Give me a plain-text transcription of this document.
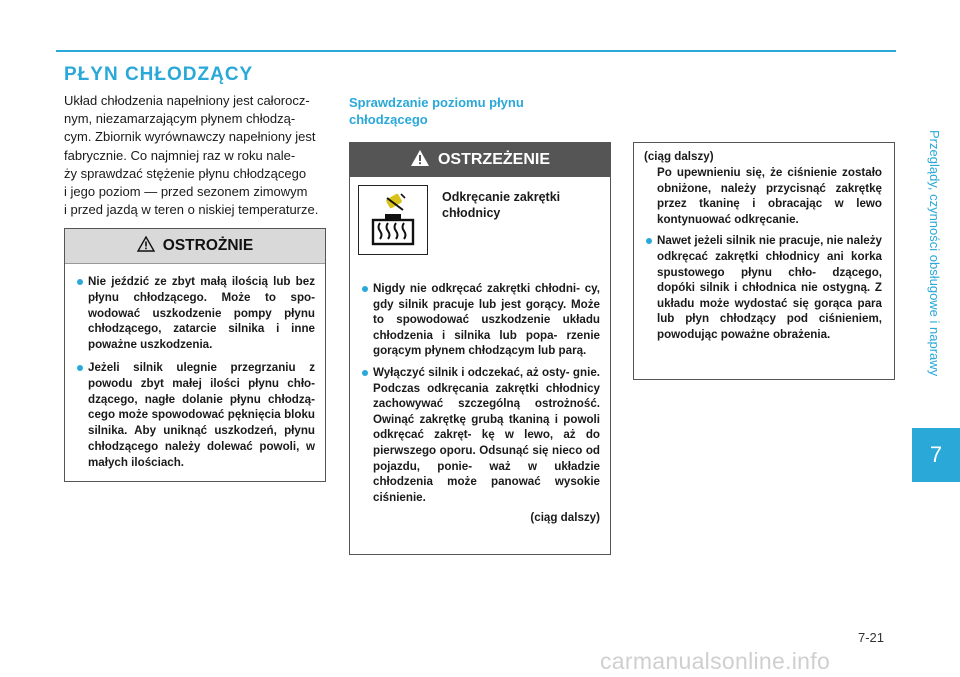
PŁYN CHŁODZĄCY

Układ chłodzenia napełniony jest całorocz-

nym, niezamarzającym płynem chłodzą-

cym. Zbiornik wyrównawczy napełniony jest

fabrycznie. Co najmniej raz w roku nale-

ży sprawdzać stężenie płynu chłodzącego

i jego poziom — przed sezonem zimowym

i przed jazdą w teren o niskiej temperaturze.

OSTROŻNIE
Nie jeździć ze zbyt małą ilością lub bez płynu chłodzącego. Może to spo- wodować uszkodzenie pompy płynu chłodzącego, zatarcie silnika i inne poważne uszkodzenia.
Jeżeli silnik ulegnie przegrzaniu z powodu zbyt małej ilości płynu chło- dzącego, nagłe dolanie płynu chłodzą- cego może spowodować pęknięcia bloku silnika. Aby uniknąć uszkodzeń, płynu chłodzącego należy dolewać powoli, w małych ilościach.
Sprawdzanie poziomu płynu
chłodzącego
OSTRZEŻENIE
Odkręcanie zakrętki
chłodnicy
Nigdy nie odkręcać zakrętki chłodni- cy, gdy silnik pracuje lub jest gorący. Może to spowodować uszkodzenie układu chłodzenia i silnika lub popa- rzenie gorącym płynem chłodzącym lub parą.
Wyłączyć silnik i odczekać, aż osty- gnie. Podczas odkręcania zakrętki chłodnicy zachowywać szczególną ostrożność. Owinąć zakrętkę grubą tkaniną i powoli odkręcać zakręt- kę w lewo, aż do pierwszego oporu. Odsunąć się nieco od pojazdu, ponie- waż w układzie chłodzenia może panować wysokie ciśnienie.
(ciąg dalszy)
(ciąg dalszy)
Po upewnieniu się, że ciśnienie zostało obniżone, należy przycisnąć zakrętkę przez tkaninę i obracając w lewo kontynuować odkręcanie.
Nawet jeżeli silnik nie pracuje, nie należy odkręcać zakrętki chłodnicy ani korka spustowego płynu chło- dzącego, dopóki silnik i chłodnica nie ostygną. Z układu może wydostać się gorąca para lub płyn chłodzący pod ciśnieniem, powodując poważne obrażenia.	Przeglądy, czynności obsługowe i naprawy
7
7-21
carmanualsonline.info
